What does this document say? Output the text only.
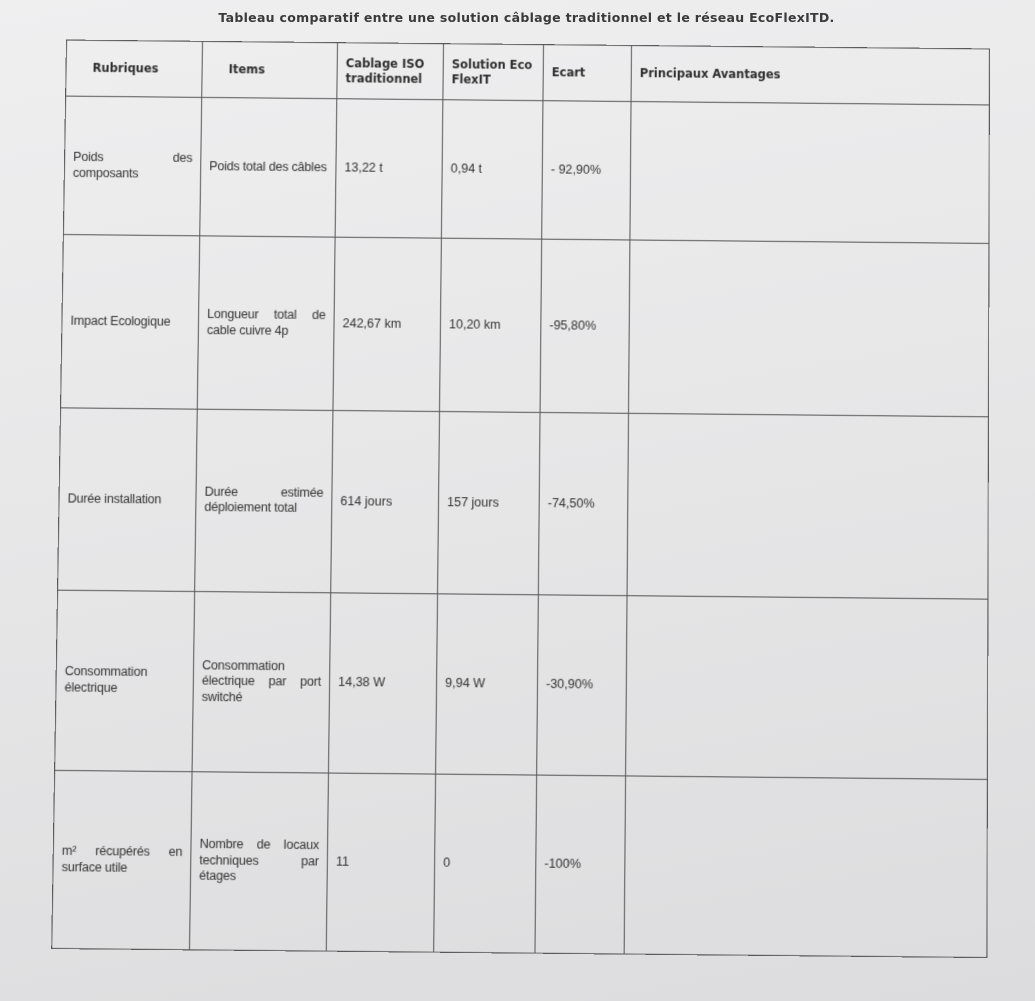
Tableau comparatif entre une solution câblage traditionnel et le réseau EcoFlexITD.
Rubriques	Items	Cablage ISO traditionnel	Solution Eco FlexIT	Ecart	Principaux Avantages
Poids des composants	Poids total des câbles	13,22 t	0,94 t	- 92,90%	
Impact Ecologique	Longueur total de cable cuivre 4p	242,67 km	10,20 km	-95,80%	
Durée installation	Durée estimée déploiement total	614 jours	157 jours	-74,50%	
Consommation électrique	Consommation électrique par port switché	14,38 W	9,94 W	-30,90%	
m² récupérés en surface utile	Nombre de locaux techniques par étages	11	0	-100%	
